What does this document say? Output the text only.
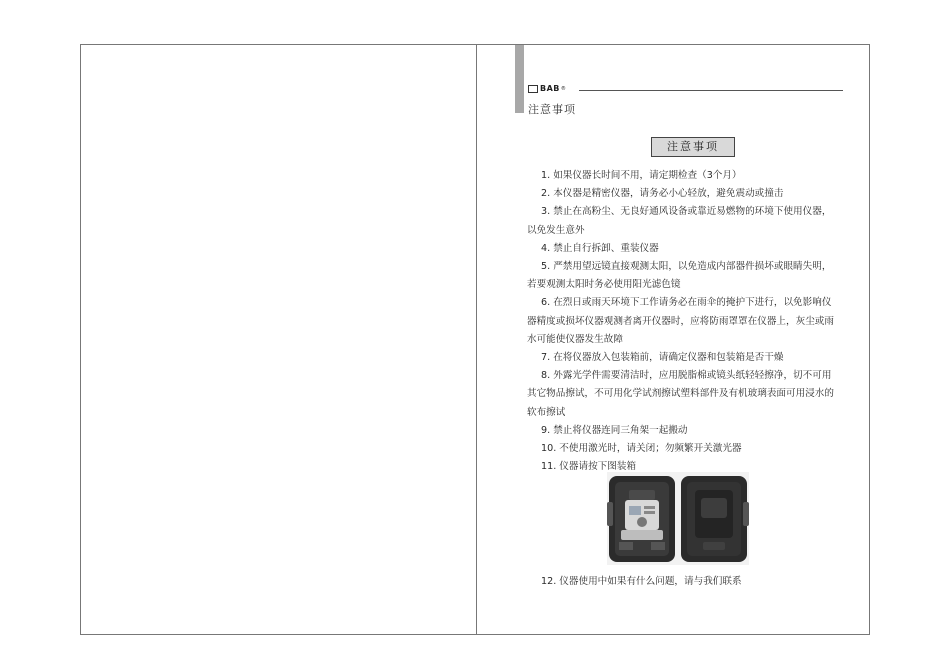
BAB ®
注意事项
注意事项

1. 如果仪器长时间不用，请定期检查（3个月）

2. 本仪器是精密仪器，请务必小心轻放，避免震动或撞击

3. 禁止在高粉尘、无良好通风设备或靠近易燃物的环境下使用仪器，以免发生意外

4. 禁止自行拆卸、重装仪器

5. 严禁用望远镜直接观测太阳，以免造成内部器件损坏或眼睛失明，若要观测太阳时务必使用阳光滤色镜

6. 在烈日或雨天环境下工作请务必在雨伞的掩护下进行，以免影响仪器精度或损坏仪器观测者离开仪器时，应将防雨罩罩在仪器上，灰尘或雨水可能使仪器发生故障

7. 在将仪器放入包装箱前，请确定仪器和包装箱是否干燥

8. 外露光学件需要清洁时，应用脱脂棉或镜头纸轻轻擦净，切不可用其它物品擦试，不可用化学试剂擦试塑料部件及有机玻璃表面可用浸水的软布擦试

9. 禁止将仪器连同三角架一起搬动

10. 不使用激光时，请关闭；勿频繁开关激光器

11. 仪器请按下图装箱

12. 仪器使用中如果有什么问题，请与我们联系
